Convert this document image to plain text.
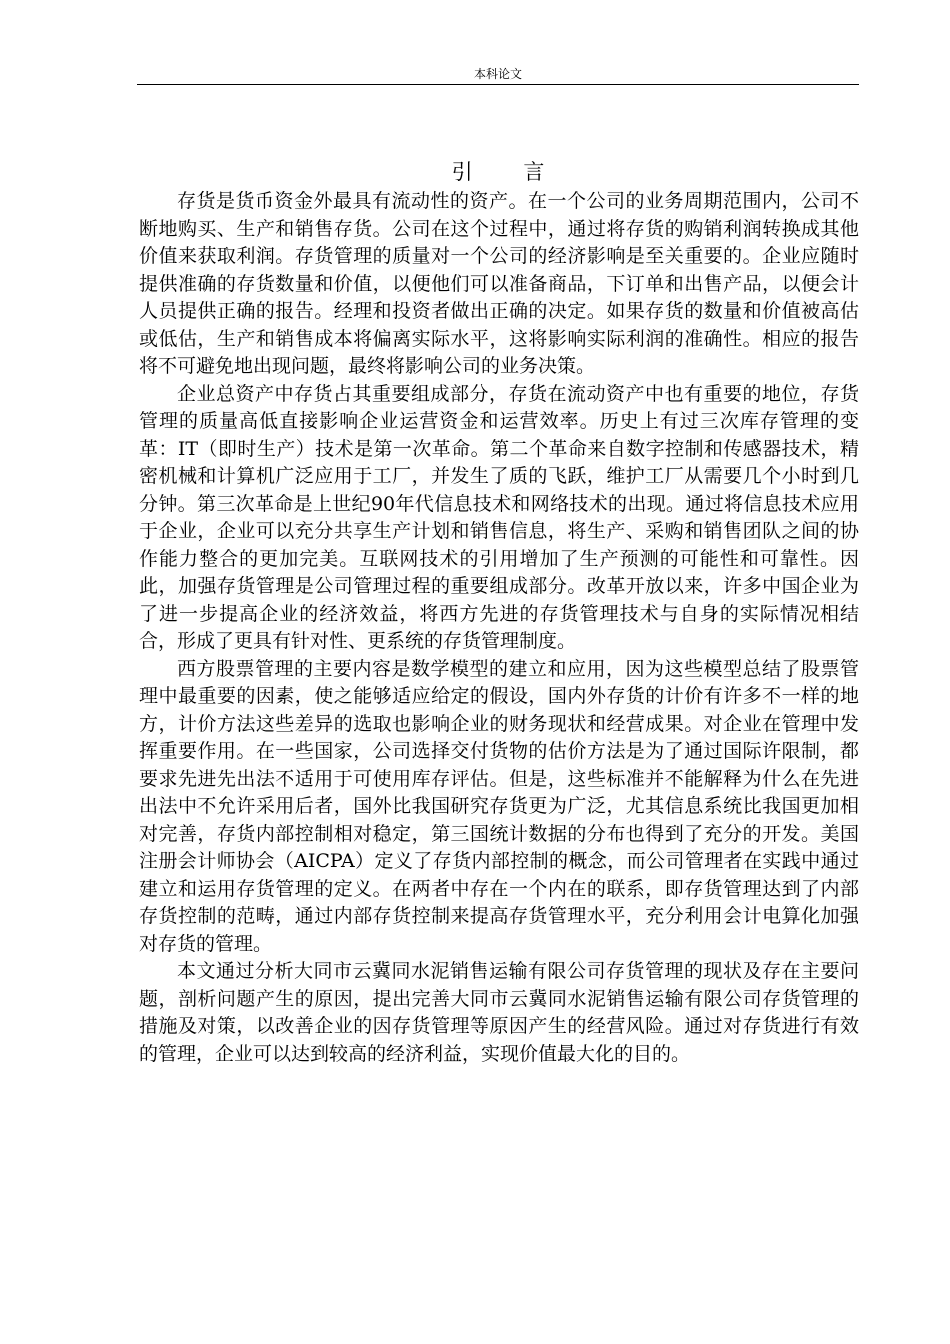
本科论文
引 言

存货是货币资金外最具有流动性的资产。在一个公司的业务周期范围内，公司不断地购买、生产和销售存货。公司在这个过程中，通过将存货的购销利润转换成其他价值来获取利润。存货管理的质量对一个公司的经济影响是至关重要的。企业应随时提供准确的存货数量和价值，以便他们可以准备商品，下订单和出售产品，以便会计人员提供正确的报告。经理和投资者做出正确的决定。如果存货的数量和价值被高估或低估，生产和销售成本将偏离实际水平，这将影响实际利润的准确性。相应的报告将不可避免地出现问题，最终将影响公司的业务决策。

企业总资产中存货占其重要组成部分，存货在流动资产中也有重要的地位，存货管理的质量高低直接影响企业运营资金和运营效率。历史上有过三次库存管理的变革：IT（即时生产）技术是第一次革命。第二个革命来自数字控制和传感器技术，精密机械和计算机广泛应用于工厂，并发生了质的飞跃，维护工厂从需要几个小时到几分钟。第三次革命是上世纪90年代信息技术和网络技术的出现。通过将信息技术应用于企业，企业可以充分共享生产计划和销售信息，将生产、采购和销售团队之间的协作能力整合的更加完美。互联网技术的引用增加了生产预测的可能性和可靠性。因此，加强存货管理是公司管理过程的重要组成部分。改革开放以来，许多中国企业为了进一步提高企业的经济效益，将西方先进的存货管理技术与自身的实际情况相结合，形成了更具有针对性、更系统的存货管理制度。

西方股票管理的主要内容是数学模型的建立和应用，因为这些模型总结了股票管理中最重要的因素，使之能够适应给定的假设，国内外存货的计价有许多不一样的地方，计价方法这些差异的选取也影响企业的财务现状和经营成果。对企业在管理中发挥重要作用。在一些国家，公司选择交付货物的估价方法是为了通过国际许限制，都要求先进先出法不适用于可使用库存评估。但是，这些标准并不能解释为什么在先进出法中不允许采用后者，国外比我国研究存货更为广泛，尤其信息系统比我国更加相对完善，存货内部控制相对稳定，第三国统计数据的分布也得到了充分的开发。美国注册会计师协会（AICPA）定义了存货内部控制的概念，而公司管理者在实践中通过建立和运用存货管理的定义。在两者中存在一个内在的联系，即存货管理达到了内部存货控制的范畴，通过内部存货控制来提高存货管理水平，充分利用会计电算化加强对存货的管理。

本文通过分析大同市云冀同水泥销售运输有限公司存货管理的现状及存在主要问题，剖析问题产生的原因，提出完善大同市云冀同水泥销售运输有限公司存货管理的措施及对策，以改善企业的因存货管理等原因产生的经营风险。通过对存货进行有效的管理，企业可以达到较高的经济利益，实现价值最大化的目的。
